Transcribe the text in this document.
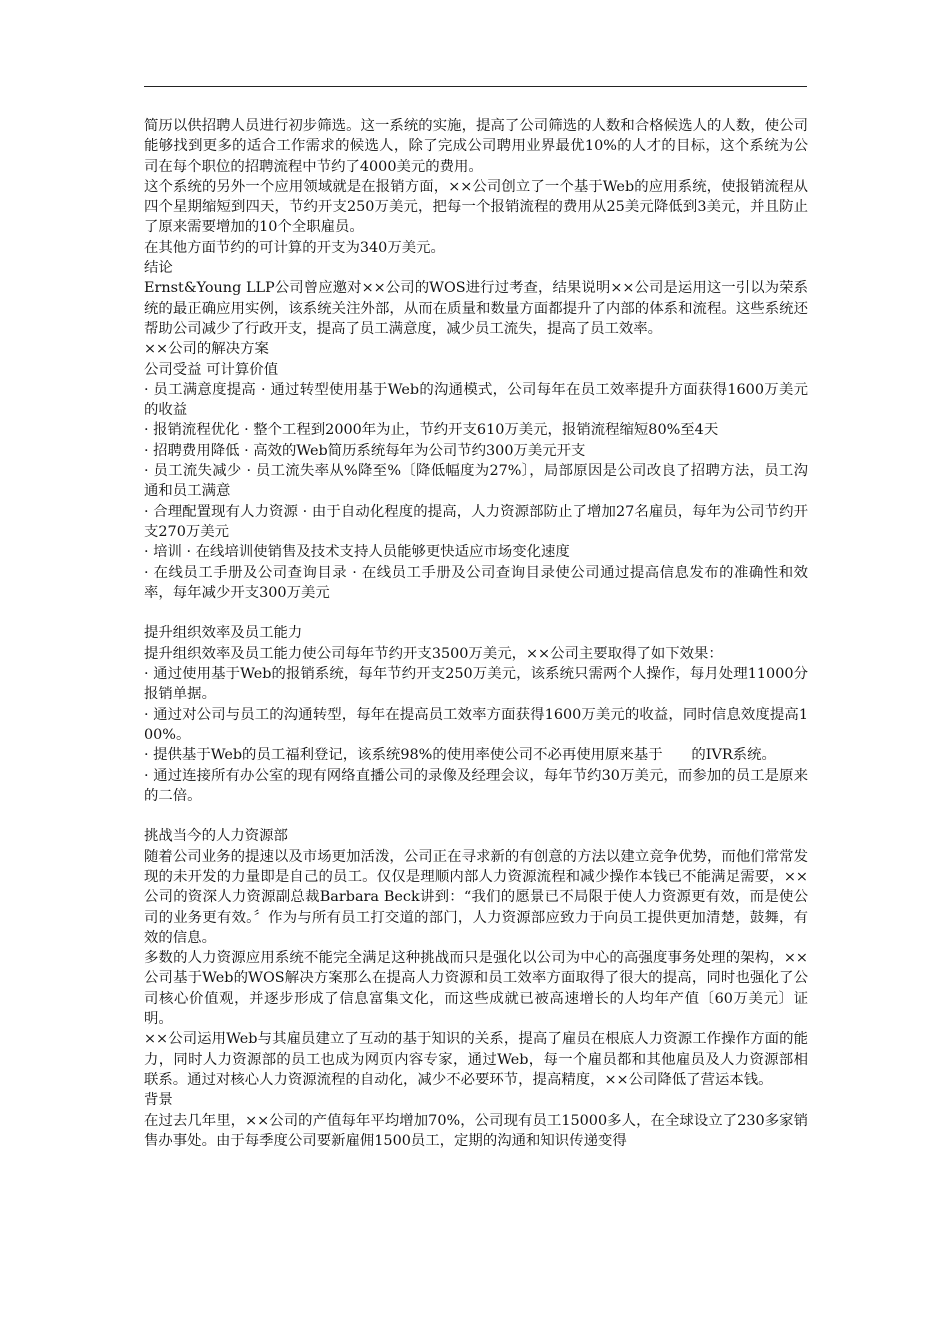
简历以供招聘人员进行初步筛选。这一系统的实施，提高了公司筛选的人数和合格候选人的人数，使公司能够找到更多的适合工作需求的候选人，除了完成公司聘用业界最优10%的人才的目标，这个系统为公司在每个职位的招聘流程中节约了4000美元的费用。

这个系统的另外一个应用领域就是在报销方面，××公司创立了一个基于Web的应用系统，使报销流程从四个星期缩短到四天，节约开支250万美元，把每一个报销流程的费用从25美元降低到3美元，并且防止了原来需要增加的10个全职雇员。

在其他方面节约的可计算的开支为340万美元。

结论

Ernst&Young LLP公司曾应邀对××公司的WOS进行过考查，结果说明××公司是运用这一引以为荣系统的最正确应用实例，该系统关注外部，从而在质量和数量方面都提升了内部的体系和流程。这些系统还帮助公司减少了行政开支，提高了员工满意度，减少员工流失，提高了员工效率。

××公司的解决方案

公司受益 可计算价值

· 员工满意度提高 · 通过转型使用基于Web的沟通模式，公司每年在员工效率提升方面获得1600万美元的收益

· 报销流程优化 · 整个工程到2000年为止，节约开支610万美元，报销流程缩短80%至4天

· 招聘费用降低 · 高效的Web简历系统每年为公司节约300万美元开支

· 员工流失减少 · 员工流失率从%降至%〔降低幅度为27%〕，局部原因是公司改良了招聘方法，员工沟通和员工满意

· 合理配置现有人力资源 · 由于自动化程度的提高，人力资源部防止了增加27名雇员，每年为公司节约开支270万美元

· 培训 · 在线培训使销售及技术支持人员能够更快适应市场变化速度

· 在线员工手册及公司查询目录 · 在线员工手册及公司查询目录使公司通过提高信息发布的准确性和效率，每年减少开支300万美元

提升组织效率及员工能力

提升组织效率及员工能力使公司每年节约开支3500万美元，××公司主要取得了如下效果：

· 通过使用基于Web的报销系统，每年节约开支250万美元，该系统只需两个人操作，每月处理11000分报销单据。

· 通过对公司与员工的沟通转型，每年在提高员工效率方面获得1600万美元的收益，同时信息效度提高100%。

· 提供基于Web的员工福利登记，该系统98%的使用率使公司不必再使用原来基于　　的IVR系统。

· 通过连接所有办公室的现有网络直播公司的录像及经理会议，每年节约30万美元，而参加的员工是原来的二倍。

挑战当今的人力资源部

随着公司业务的提速以及市场更加活泼，公司正在寻求新的有创意的方法以建立竞争优势，而他们常常发现的未开发的力量即是自己的员工。仅仅是理顺内部人力资源流程和减少操作本钱已不能满足需要，××公司的资深人力资源副总裁Barbara Beck讲到：“我们的愿景已不局限于使人力资源更有效，而是使公司的业务更有效。〞作为与所有员工打交道的部门，人力资源部应致力于向员工提供更加清楚，鼓舞，有效的信息。

多数的人力资源应用系统不能完全满足这种挑战而只是强化以公司为中心的高强度事务处理的架构，××公司基于Web的WOS解决方案那么在提高人力资源和员工效率方面取得了很大的提高，同时也强化了公司核心价值观，并逐步形成了信息富集文化，而这些成就已被高速增长的人均年产值〔60万美元〕证明。

××公司运用Web与其雇员建立了互动的基于知识的关系，提高了雇员在根底人力资源工作操作方面的能力，同时人力资源部的员工也成为网页内容专家，通过Web，每一个雇员都和其他雇员及人力资源部相联系。通过对核心人力资源流程的自动化，减少不必要环节，提高精度，××公司降低了营运本钱。

背景

在过去几年里，××公司的产值每年平均增加70%，公司现有员工15000多人，在全球设立了230多家销售办事处。由于每季度公司要新雇佣1500员工，定期的沟通和知识传递变得
